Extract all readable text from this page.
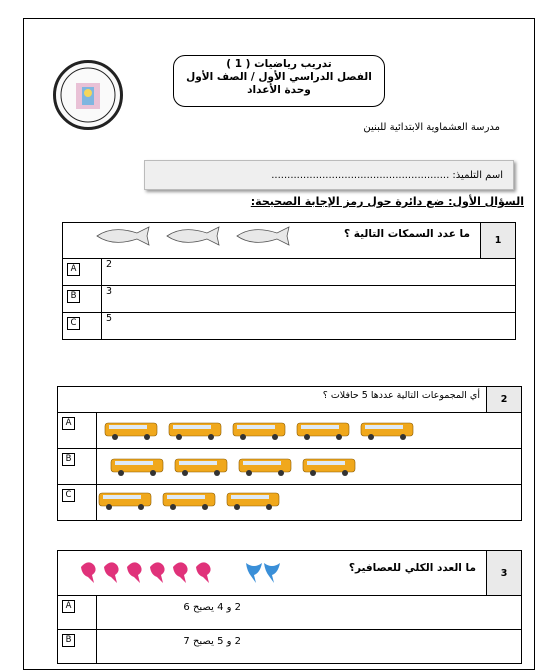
تدريب رياضيات ( 1 )
الفصل الدراسي الأول / الصف الأول
وحدة الأعداد
مدرسة العشماوية الابتدائية للبنين
اسم التلميذ: ........................................................
السؤال الأول: ضع دائرة حول رمز الإجابة الصحيحة:
ما عدد السمكات التالية ؟		1
A	2	
B	3	
C	5	
أي المجموعات التالية عددها 5 حافلات ؟		2
A	

B	

C	
ما العدد الكلي للعصافير؟		3
A	2 و 4 يصبح 6	
B	2 و 5 يصبح 7	
